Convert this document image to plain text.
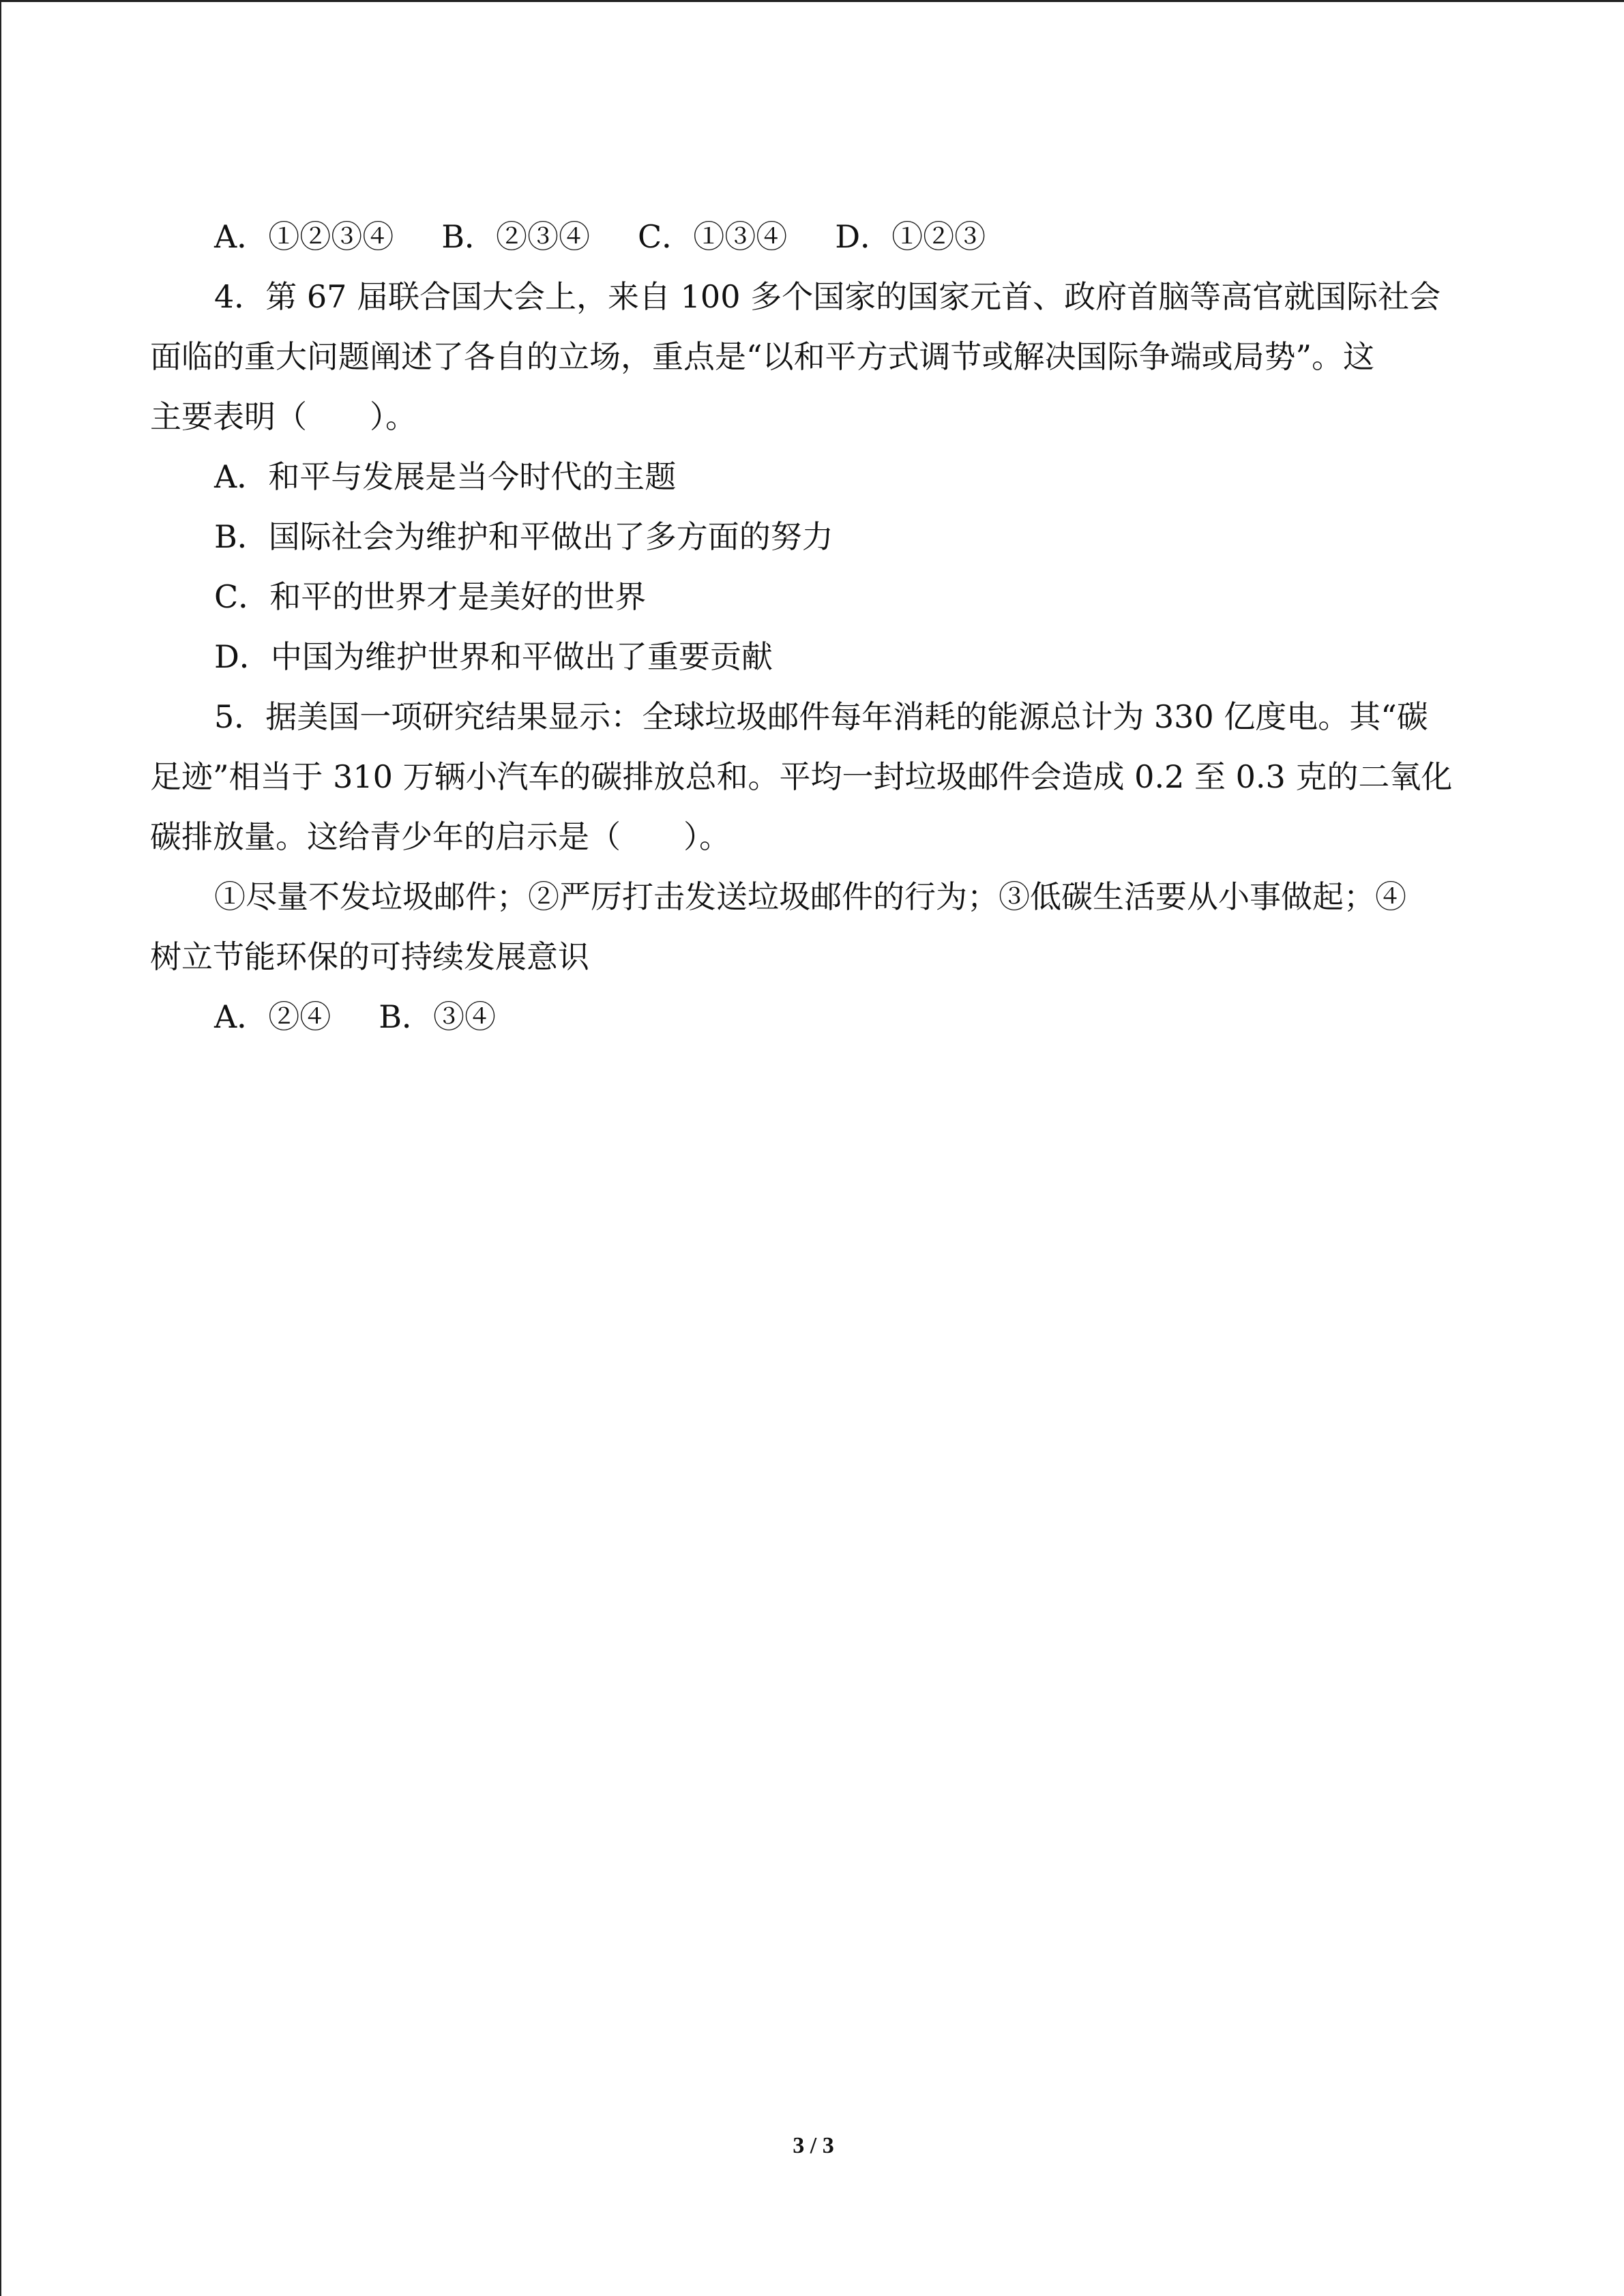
A．①②③④ B．②③④ C．①③④ D．①②③

4．第 67 届联合国大会上，来自 100 多个国家的国家元首、政府首脑等高官就国际社会

面临的重大问题阐述了各自的立场，重点是“以和平方式调节或解决国际争端或局势”。这

主要表明（　　）。

A．和平与发展是当今时代的主题

B．国际社会为维护和平做出了多方面的努力

C．和平的世界才是美好的世界

D．中国为维护世界和平做出了重要贡献

5．据美国一项研究结果显示：全球垃圾邮件每年消耗的能源总计为 330 亿度电。其“碳

足迹”相当于 310 万辆小汽车的碳排放总和。平均一封垃圾邮件会造成 0.2 至 0.3 克的二氧化

碳排放量。这给青少年的启示是（　　）。

①尽量不发垃圾邮件；②严厉打击发送垃圾邮件的行为；③低碳生活要从小事做起；④

树立节能环保的可持续发展意识

A．②④ B．③④
3 / 3
